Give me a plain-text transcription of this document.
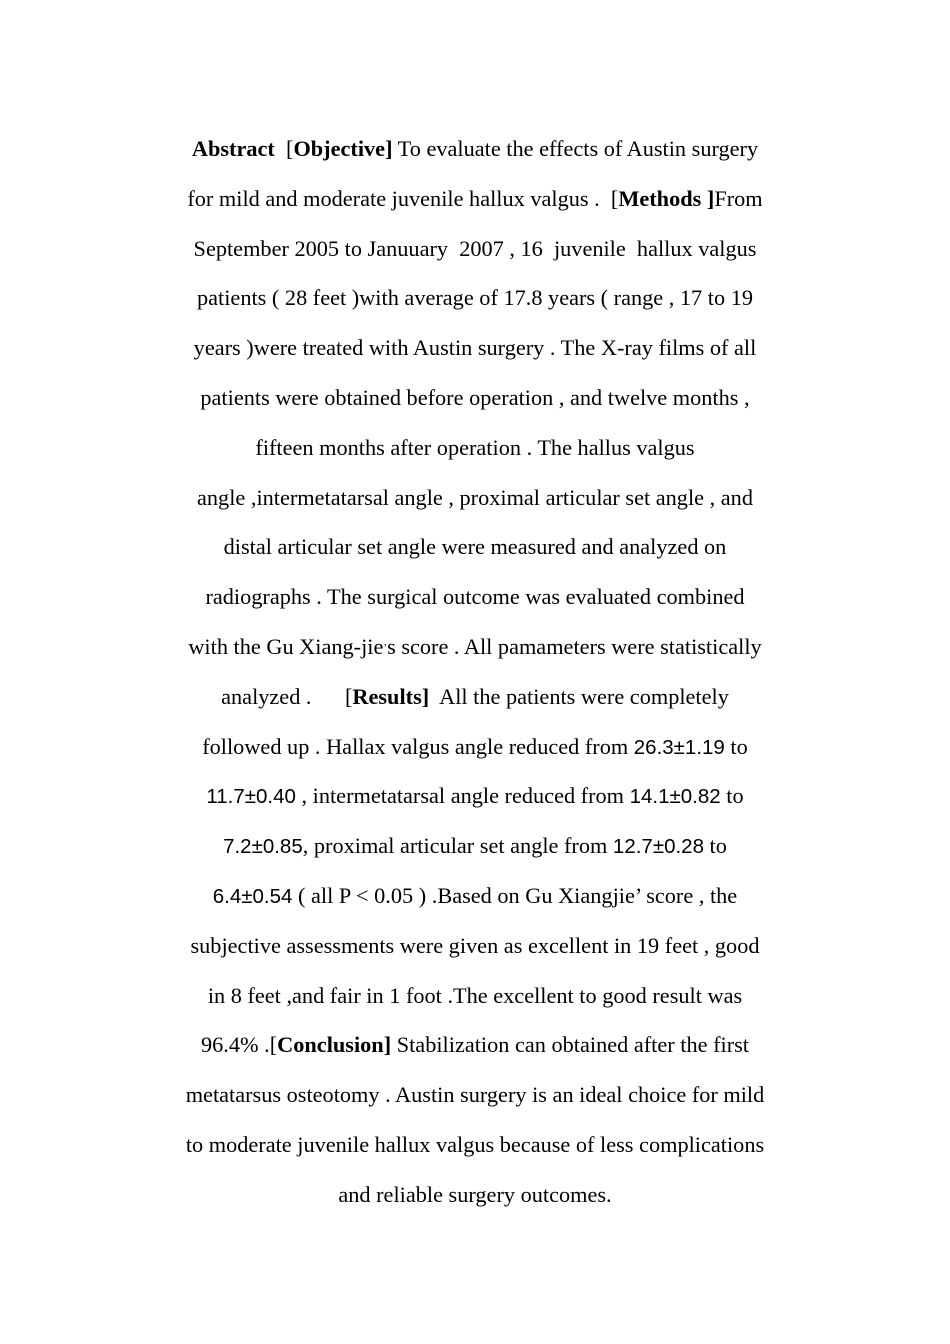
Abstract  [Objective] To evaluate the effects of Austin surgery
for mild and moderate juvenile hallux valgus .  [Methods ]From
September 2005 to Januuary  2007 , 16  juvenile  hallux valgus
patients ( 28 feet )with average of 17.8 years ( range , 17 to 19
years )were treated with Austin surgery . The X-ray films of all
patients were obtained before operation , and twelve months ,
fifteen months after operation . The hallus valgus
angle ,intermetatarsal angle , proximal articular set angle , and
distal articular set angle were measured and analyzed on
radiographs . The surgical outcome was evaluated combined
with the Gu Xiang-jie’s score . All pamameters were statistically
analyzed .      [Results]  All the patients were completely
followed up . Hallax valgus angle reduced from 26.3±1.19 to
11.7±0.40 , intermetatarsal angle reduced from 14.1±0.82 to
7.2±0.85, proximal articular set angle from 12.7±0.28 to
6.4±0.54 ( all P < 0.05 ) .Based on Gu Xiangjie’ score , the
subjective assessments were given as excellent in 19 feet , good
in 8 feet ,and fair in 1 foot .The excellent to good result was
96.4% .[Conclusion] Stabilization can obtained after the first
metatarsus osteotomy . Austin surgery is an ideal choice for mild
to moderate juvenile hallux valgus because of less complications
and reliable surgery outcomes.
